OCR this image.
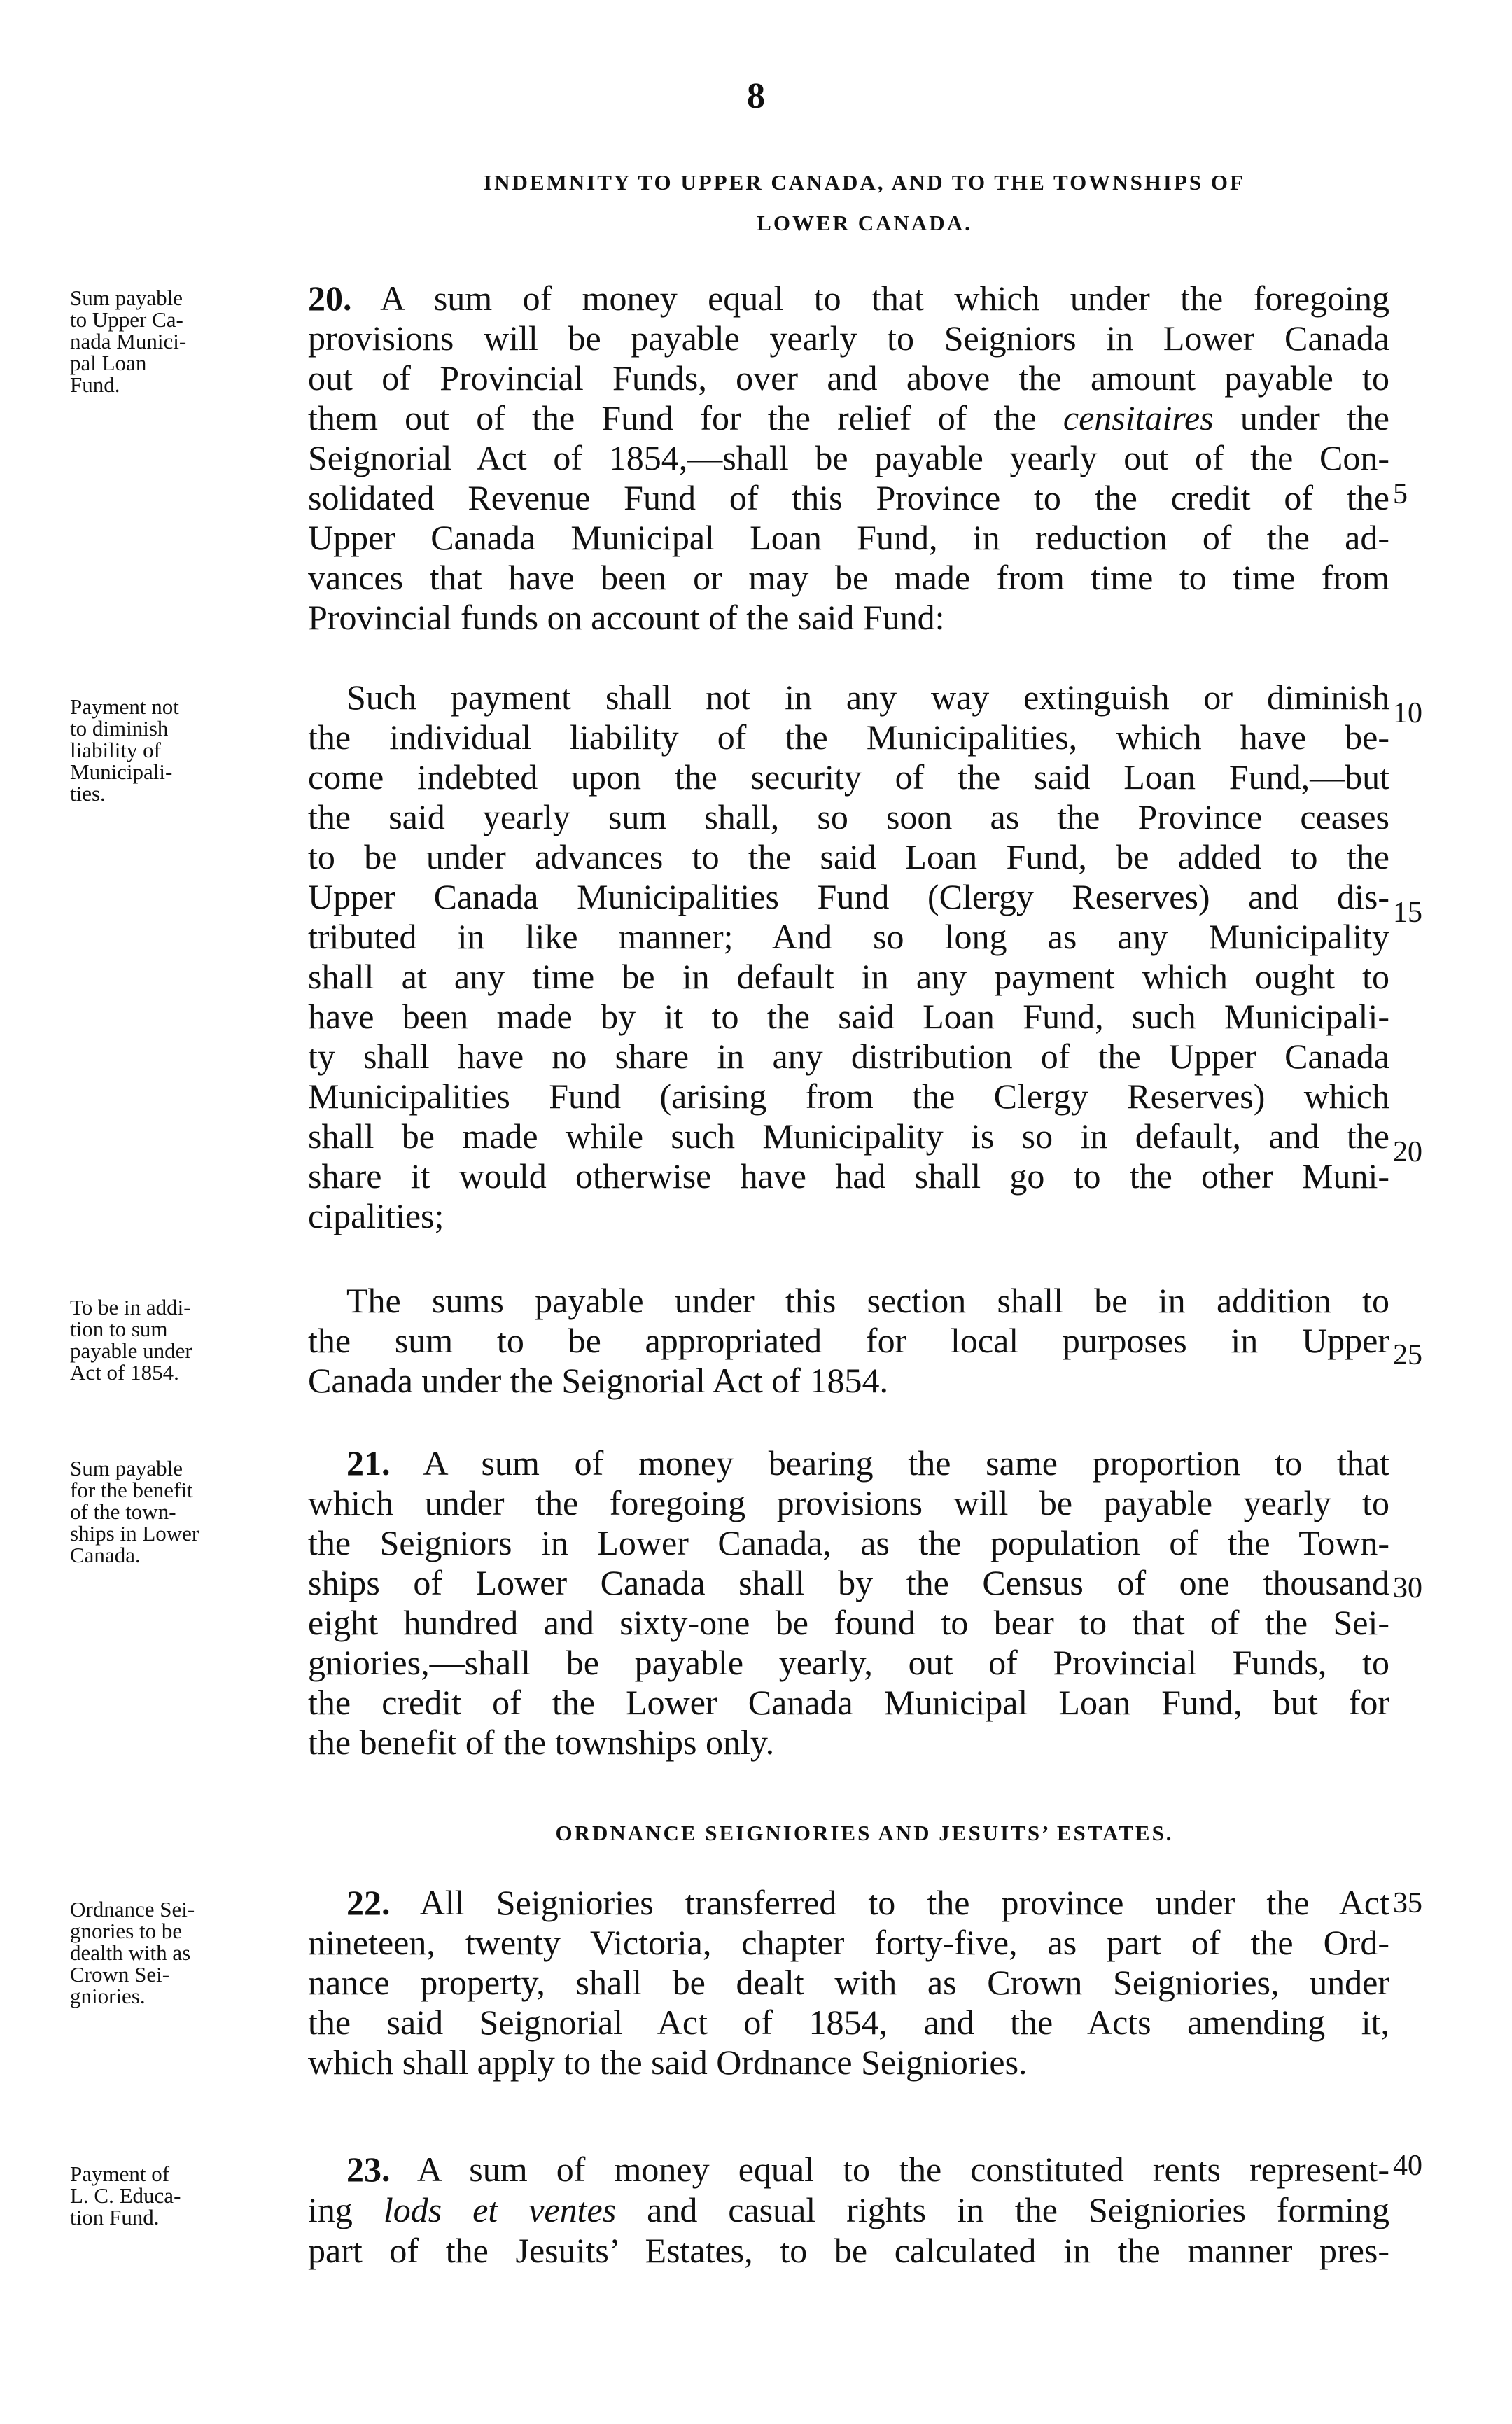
8
INDEMNITY TO UPPER CANADA, AND TO THE TOWNSHIPS OF
LOWER CANADA.
Sum payable
to Upper Ca-
nada Munici-
pal Loan
Fund.
20. A sum of money equal to that which under the foregoing
provisions will be payable yearly to Seigniors in Lower Canada
out of Provincial Funds, over and above the amount payable to
them out of the Fund for the relief of the censitaires under the
Seignorial Act of 1854,—shall be payable yearly out of the Con-
solidated Revenue Fund of this Province to the credit of the
Upper Canada Municipal Loan Fund, in reduction of the ad-
vances that have been or may be made from time to time from
Provincial funds on account of the said Fund:
Payment not
to diminish
liability of
Municipali-
ties.
Such payment shall not in any way extinguish or diminish
the individual liability of the Municipalities, which have be-
come indebted upon the security of the said Loan Fund,—but
the said yearly sum shall, so soon as the Province ceases
to be under advances to the said Loan Fund, be added to the
Upper Canada Municipalities Fund (Clergy Reserves) and dis-
tributed in like manner; And so long as any Municipality
shall at any time be in default in any payment which ought to
have been made by it to the said Loan Fund, such Municipali-
ty shall have no share in any distribution of the Upper Canada
Municipalities Fund (arising from the Clergy Reserves) which
shall be made while such Municipality is so in default, and the
share it would otherwise have had shall go to the other Muni-
cipalities;
To be in addi-
tion to sum
payable under
Act of 1854.
The sums payable under this section shall be in addition to
the sum to be appropriated for local purposes in Upper
Canada under the Seignorial Act of 1854.
Sum payable
for the benefit
of the town-
ships in Lower
Canada.
21. A sum of money bearing the same proportion to that
which under the foregoing provisions will be payable yearly to
the Seigniors in Lower Canada, as the population of the Town-
ships of Lower Canada shall by the Census of one thousand
eight hundred and sixty-one be found to bear to that of the Sei-
gniories,—shall be payable yearly, out of Provincial Funds, to
the credit of the Lower Canada Municipal Loan Fund, but for
the benefit of the townships only.
ORDNANCE SEIGNIORIES AND JESUITS’ ESTATES.
Ordnance Sei-
gnories to be
dealth with as
Crown Sei-
gniories.
22. All Seigniories transferred to the province under the Act
nineteen, twenty Victoria, chapter forty-five, as part of the Ord-
nance property, shall be dealt with as Crown Seigniories, under
the said Seignorial Act of 1854, and the Acts amending it,
which shall apply to the said Ordnance Seigniories.
Payment of
L. C. Educa-
tion Fund.
23. A sum of money equal to the constituted rents represent-
ing lods et ventes and casual rights in the Seigniories forming
part of the Jesuits’ Estates, to be calculated in the manner pres-
5
10
15
20
25
30
35
40
